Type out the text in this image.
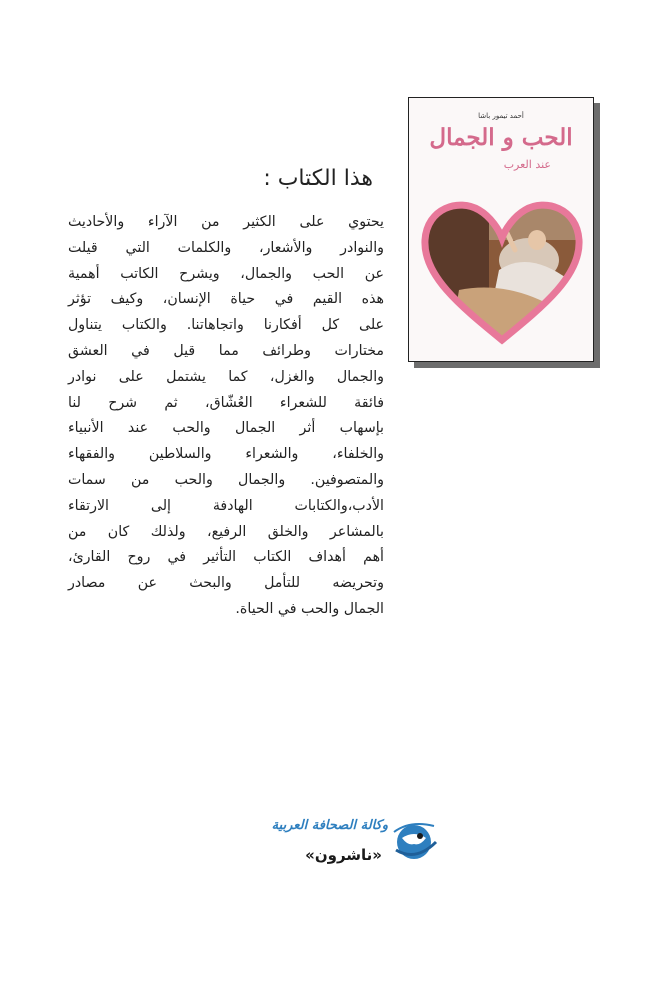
أحمد تيمور باشا
الحب و الجمال
عند العرب
هذا الكتاب :
يحتوي على الكثير من الآراء والأحاديث
والنوادر والأشعار، والكلمات التي قيلت
عن الحب والجمال، ويشرح الكاتب أهمية
هذه القيم في حياة الإنسان، وكيف تؤثر
على كل أفكارنا واتجاهاتنا. والكتاب يتناول
مختارات وطرائف مما قيل في العشق
والجمال والغزل، كما يشتمل على نوادر
فائقة للشعراء العُشّاق، ثم شرح لنا
بإسهاب أثر الجمال والحب عند الأنبياء
والخلفاء، والشعراء والسلاطين والفقهاء
والمتصوفين. والجمال والحب من سمات
الأدب،والكتابات الهادفة إلى الارتقاء
بالمشاعر والخلق الرفيع، ولذلك كان من
أهم أهداف الكتاب التأثير في روح القارئ،
وتحريضه للتأمل والبحث عن مصادر
الجمال والحب في الحياة.
وكالة الصحافة العربية
«ناشرون»
